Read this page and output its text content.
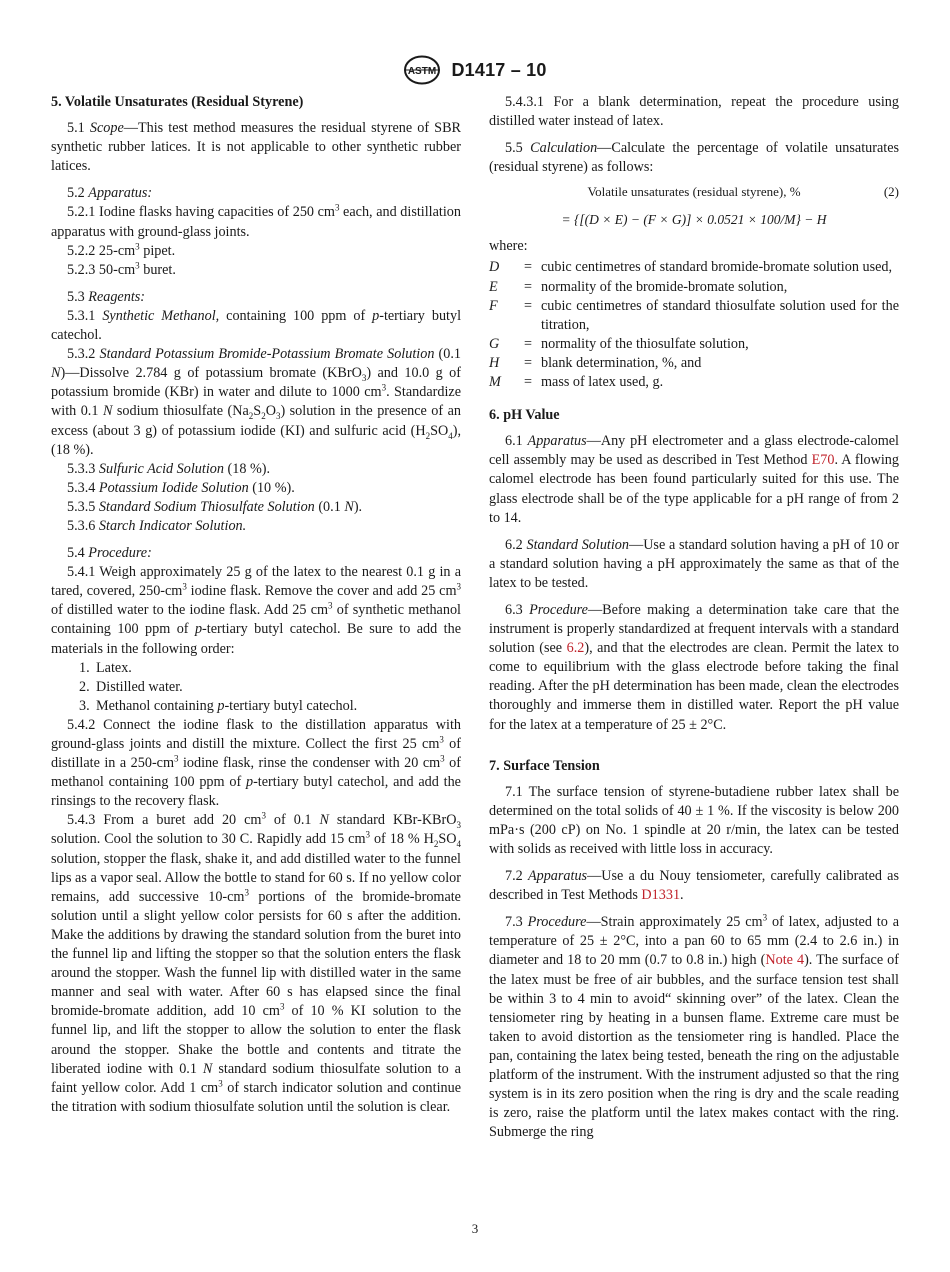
ASTM D1417 – 10
5. Volatile Unsaturates (Residual Styrene)

5.1 Scope—This test method measures the residual styrene of SBR synthetic rubber latices. It is not applicable to other synthetic rubber latices.

5.2 Apparatus:

5.2.1 Iodine flasks having capacities of 250 $cm^3$ each, and distillation apparatus with ground-glass joints.

5.2.2 $25-cm^3$ pipet.

5.2.3 $50-cm^3$ buret.

5.3 Reagents:

5.3.1 Synthetic Methanol, containing 100 ppm of p-tertiary butyl catechol.

5.3.2 Standard Potassium Bromide-Potassium Bromate Solution (0.1 N)—Dissolve 2.784 g of potassium bromate (KBrO$_3$) and 10.0 g of potassium bromide (KBr) in water and dilute to 1000 $cm^3$. Standardize with 0.1 N sodium thiosulfate $(Na_2S_2O_3)$ solution in the presence of an excess (about 3 g) of potassium iodide (KI) and sulfuric acid $(H_2SO_4)$, (18 %).

5.3.3 Sulfuric Acid Solution (18 %).

5.3.4 Potassium Iodide Solution (10 %).

5.3.5 Standard Sodium Thiosulfate Solution (0.1 N).

5.3.6 Starch Indicator Solution.

5.4 Procedure:

5.4.1 Weigh approximately 25 g of the latex to the nearest 0.1 g in a tared, covered, $250-cm^3$ iodine flask. Remove the cover and add 25 $cm^3$ of distilled water to the iodine flask. Add 25 $cm^3$ of synthetic methanol containing 100 ppm of p-tertiary butyl catechol. Be sure to add the materials in the following order:

1. Latex.
2. Distilled water.
3. Methanol containing p-tertiary butyl catechol.

5.4.2 Connect the iodine flask to the distillation apparatus with ground-glass joints and distill the mixture. Collect the first 25 $cm^3$ of distillate in a $250-cm^3$ iodine flask, rinse the condenser with 20 $cm^3$ of methanol containing 100 ppm of p-tertiary butyl catechol, and add the rinsings to the recovery flask.

5.4.3 From a buret add 20 $cm^3$ of 0.1 N standard KBr-KBrO$_3$ solution. Cool the solution to 30 C. Rapidly add 15 $cm^3$ of 18 % $H_2SO_4$ solution, stopper the flask, shake it, and add distilled water to the funnel lips as a vapor seal. Allow the bottle to stand for 60 s. If no yellow color remains, add successive $10-cm^3$ portions of the bromide-bromate solution until a slight yellow color persists for 60 s after the addition. Make the additions by drawing the standard solution from the buret into the funnel lip and lifting the stopper so that the solution enters the flask around the stopper. Wash the funnel lip with distilled water in the same manner and seal with water. After 60 s has elapsed since the final bromide-bromate addition, add 10 $cm^3$ of 10 % KI solution to the funnel lip, and lift the stopper to allow the solution to enter the flask around the stopper. Shake the bottle and contents and titrate the liberated iodine with 0.1 N standard sodium thiosulfate solution to a faint yellow color. Add 1 $cm^3$ of starch indicator solution and continue the titration with sodium thiosulfate solution until the solution is clear.

5.4.3.1 For a blank determination, repeat the procedure using distilled water instead of latex.

5.5 Calculation—Calculate the percentage of volatile unsaturates (residual styrene) as follows:

Volatile unsaturates (residual styrene), %	(2)
= {[(D × E) − (F × G)] × 0.0521 × 100/M} − H

where:

D	= cubic centimetres of standard bromide-bromate solution used,
E	= normality of the bromide-bromate solution,
F	= cubic centimetres of standard thiosulfate solution used for the titration,
G	= normality of the thiosulfate solution,
H	= blank determination, %, and
M	= mass of latex used, g.
6. pH Value

6.1 Apparatus—Any pH electrometer and a glass electrode-calomel cell assembly may be used as described in Test Method E70. A flowing calomel electrode has been found particularly suited for this use. The glass electrode shall be of the type applicable for a pH range of from 2 to 14.

6.2 Standard Solution—Use a standard solution having a pH of 10 or a standard solution having a pH approximately the same as that of the latex to be tested.

6.3 Procedure—Before making a determination take care that the instrument is properly standardized at frequent intervals with a standard solution (see 6.2), and that the electrodes are clean. Permit the latex to come to equilibrium with the glass electrode before taking the final reading. After the pH determination has been made, clean the electrodes thoroughly and immerse them in distilled water. Report the pH value for the latex at a temperature of 25 ± 2°C.

7. Surface Tension

7.1 The surface tension of styrene-butadiene rubber latex shall be determined on the total solids of 40 ± 1 %. If the viscosity is below 200 mPa·s (200 cP) on No. 1 spindle at 20 r/min, the latex can be tested with solids as received with little loss in accuracy.

7.2 Apparatus—Use a du Nouy tensiometer, carefully calibrated as described in Test Methods D1331.

7.3 Procedure—Strain approximately 25 $cm^3$ of latex, adjusted to a temperature of 25 ± 2°C, into a pan 60 to 65 mm (2.4 to 2.6 in.) in diameter and 18 to 20 mm (0.7 to 0.8 in.) high (Note 4). The surface of the latex must be free of air bubbles, and the surface tension test shall be within 3 to 4 min to avoid“ skinning over” of the latex. Clean the tensiometer ring by heating in a bunsen flame. Extreme care must be taken to avoid distortion as the tensiometer ring is handled. Place the pan, containing the latex being tested, beneath the ring on the adjustable platform of the instrument. With the instrument adjusted so that the ring system is in its zero position when the ring is dry and the scale reading is zero, raise the platform until the latex makes contact with the ring. Submerge the ring

3
